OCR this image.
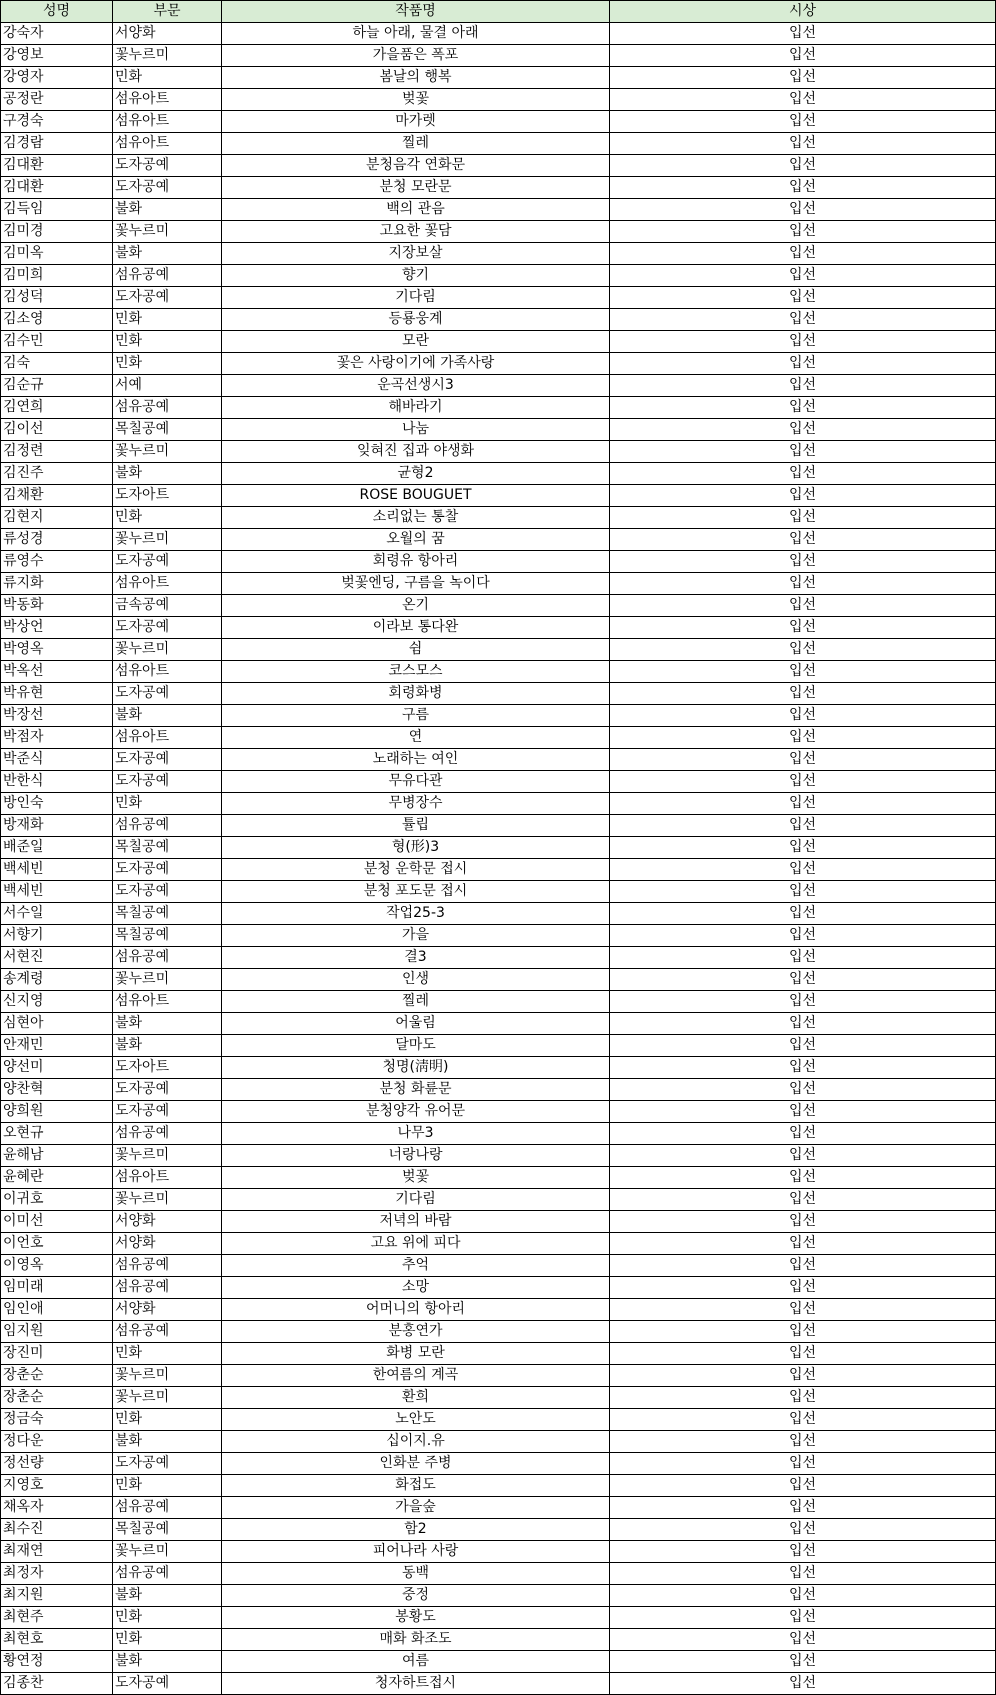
성명	부문	작품명	시상
강숙자	서양화	하늘 아래, 물결 아래	입선
강영보	꽃누르미	가을품은 폭포	입선
강영자	민화	봄날의 행복	입선
공정란	섬유아트	벚꽃	입선
구경숙	섬유아트	마가렛	입선
김경람	섬유아트	찔레	입선
김대환	도자공예	분청음각 연화문	입선
김대환	도자공예	분청 모란문	입선
김득임	불화	백의 관음	입선
김미경	꽃누르미	고요한 꽃담	입선
김미옥	불화	지장보살	입선
김미희	섬유공예	향기	입선
김성덕	도자공예	기다림	입선
김소영	민화	등룡웅계	입선
김수민	민화	모란	입선
김숙	민화	꽃은 사랑이기에 가족사랑	입선
김순규	서예	운곡선생시3	입선
김연희	섬유공예	해바라기	입선
김이선	목칠공예	나눔	입선
김정련	꽃누르미	잊혀진 집과 야생화	입선
김진주	불화	균형2	입선
김채환	도자아트	ROSE BOUGUET	입선
김현지	민화	소리없는 통찰	입선
류성경	꽃누르미	오월의 꿈	입선
류영수	도자공예	회령유 항아리	입선
류지화	섬유아트	벚꽃엔딩, 구름을 녹이다	입선
박동화	금속공예	온기	입선
박상언	도자공예	이라보 통다완	입선
박영옥	꽃누르미	쉼	입선
박옥선	섬유아트	코스모스	입선
박유현	도자공예	회령화병	입선
박장선	불화	구름	입선
박점자	섬유아트	연	입선
박준식	도자공예	노래하는 여인	입선
반한식	도자공예	무유다관	입선
방인숙	민화	무병장수	입선
방재화	섬유공예	튤립	입선
배준일	목칠공예	형(形)3	입선
백세빈	도자공예	분청 운학문 접시	입선
백세빈	도자공예	분청 포도문 접시	입선
서수일	목칠공예	작업25-3	입선
서향기	목칠공예	가을	입선
서현진	섬유공예	결3	입선
송계령	꽃누르미	인생	입선
신지영	섬유아트	찔레	입선
심현아	불화	어울림	입선
안재민	불화	달마도	입선
양선미	도자아트	청명(淸明)	입선
양찬혁	도자공예	분청 화륜문	입선
양희원	도자공예	분청양각 유어문	입선
오현규	섬유공예	나무3	입선
윤해남	꽃누르미	너랑나랑	입선
윤혜란	섬유아트	벚꽃	입선
이귀호	꽃누르미	기다림	입선
이미선	서양화	저녁의 바람	입선
이언호	서양화	고요 위에 피다	입선
이영옥	섬유공예	추억	입선
임미래	섬유공예	소망	입선
임인애	서양화	어머니의 항아리	입선
임지원	섬유공예	분홍연가	입선
장진미	민화	화병 모란	입선
장춘순	꽃누르미	한여름의 계곡	입선
장춘순	꽃누르미	환희	입선
정금숙	민화	노안도	입선
정다운	불화	십이지.유	입선
정선량	도자공예	인화분 주병	입선
지영호	민화	화접도	입선
채옥자	섬유공예	가을숲	입선
최수진	목칠공예	함2	입선
최재연	꽃누르미	피어나라 사랑	입선
최정자	섬유공예	동백	입선
최지원	불화	중정	입선
최현주	민화	봉황도	입선
최현호	민화	매화 화조도	입선
황연정	불화	여름	입선
김종찬	도자공예	청자하트접시	입선
